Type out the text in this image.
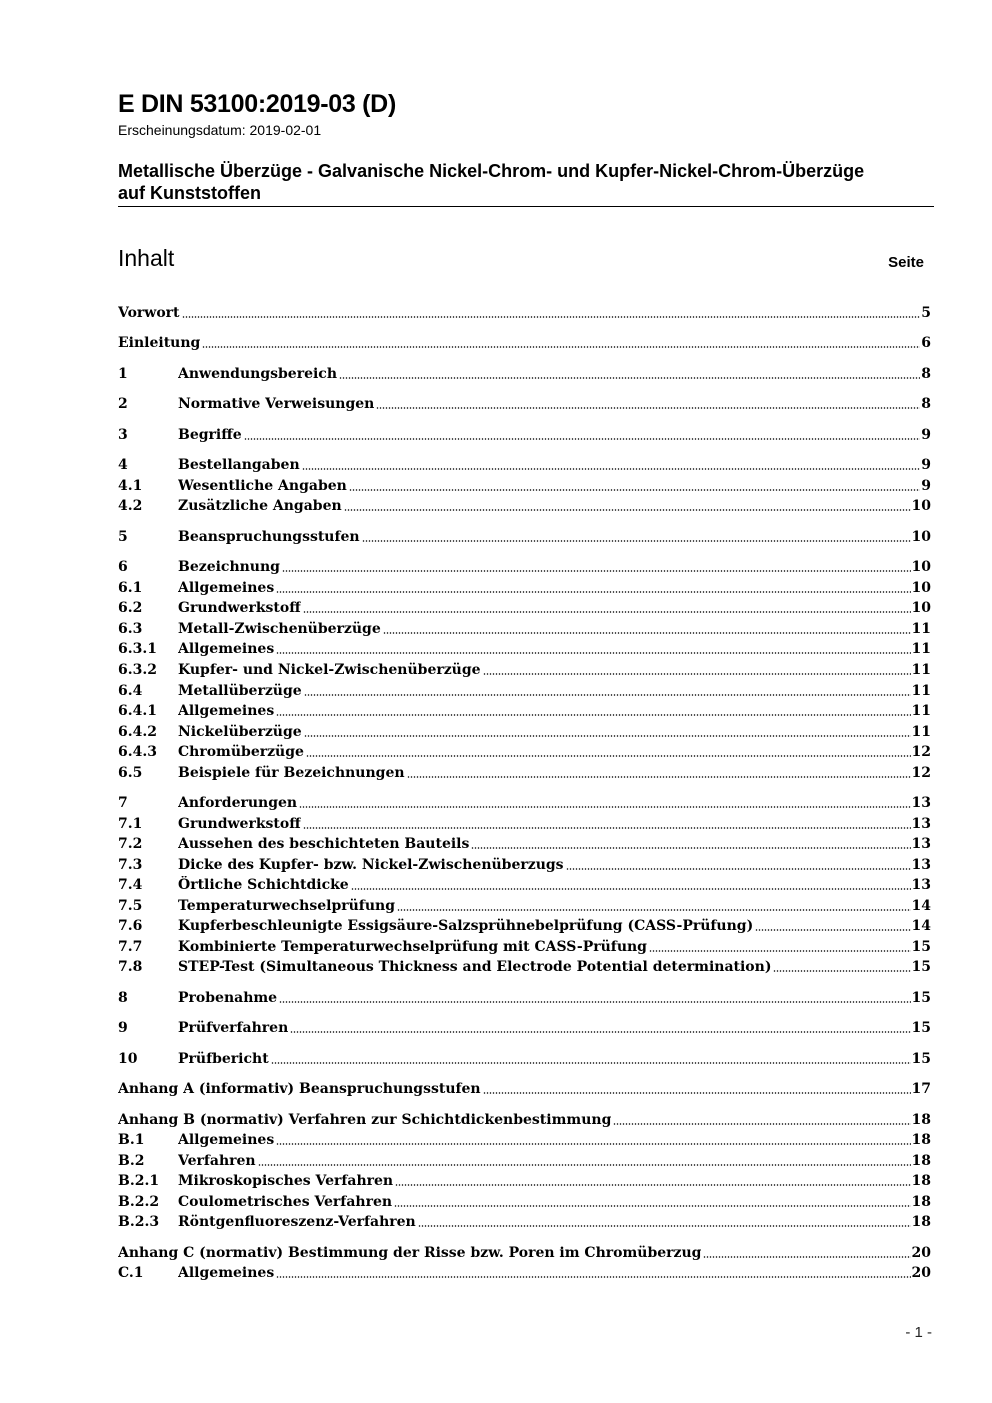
E DIN 53100:2019-03 (D)
Erscheinungsdatum: 2019-02-01
Metallische Überzüge - Galvanische Nickel-Chrom- und Kupfer-Nickel-Chrom-Überzüge auf Kunststoffen
Inhalt	Seite
Vorwort	5
Einleitung	6
1	Anwendungsbereich	8
2	Normative Verweisungen	8
3	Begriffe	9
4	Bestellangaben	9
4.1	Wesentliche Angaben	9
4.2	Zusätzliche Angaben	10
5	Beanspruchungsstufen	10
6	Bezeichnung	10
6.1	Allgemeines	10
6.2	Grundwerkstoff	10
6.3	Metall-Zwischenüberzüge	11
6.3.1	Allgemeines	11
6.3.2	Kupfer- und Nickel-Zwischenüberzüge	11
6.4	Metallüberzüge	11
6.4.1	Allgemeines	11
6.4.2	Nickelüberzüge	11
6.4.3	Chromüberzüge	12
6.5	Beispiele für Bezeichnungen	12
7	Anforderungen	13
7.1	Grundwerkstoff	13
7.2	Aussehen des beschichteten Bauteils	13
7.3	Dicke des Kupfer- bzw. Nickel-Zwischenüberzugs	13
7.4	Örtliche Schichtdicke	13
7.5	Temperaturwechselprüfung	14
7.6	Kupferbeschleunigte Essigsäure-Salzsprühnebelprüfung (CASS-Prüfung)	14
7.7	Kombinierte Temperaturwechselprüfung mit CASS-Prüfung	15
7.8	STEP-Test (Simultaneous Thickness and Electrode Potential determination)	15
8	Probenahme	15
9	Prüfverfahren	15
10	Prüfbericht	15
Anhang A (informativ) Beanspruchungsstufen	17
Anhang B (normativ) Verfahren zur Schichtdickenbestimmung	18
B.1	Allgemeines	18
B.2	Verfahren	18
B.2.1	Mikroskopisches Verfahren	18
B.2.2	Coulometrisches Verfahren	18
B.2.3	Röntgenfluoreszenz-Verfahren	18
Anhang C (normativ) Bestimmung der Risse bzw. Poren im Chromüberzug	20
C.1	Allgemeines	20
- 1 -
